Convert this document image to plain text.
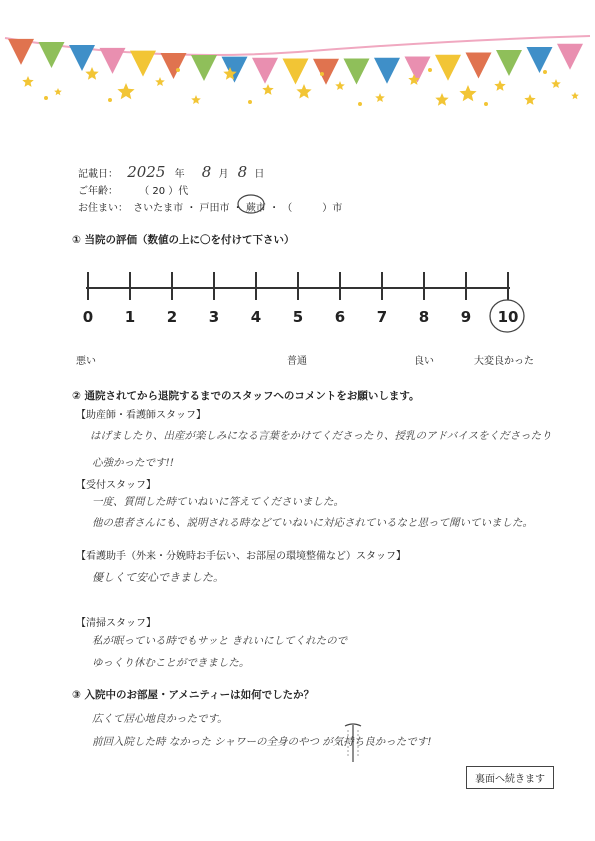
記載日： 2025 年 8 月 8 日
ご年齢： （ 20 ）代
お住まい： さいたま市 ・ 戸田市 ・ 蕨市 ・ （　　　）市
① 当院の評価（数値の上に〇を付けて下さい）
0	1	2	3	4	5	6	7	8	9	10
悪い	普通	良い	大変良かった
② 通院されてから退院するまでのスタッフへのコメントをお願いします。
【助産師・看護師スタッフ】
はげましたり、出産が楽しみになる言葉をかけてくださったり、授乳のアドバイスをくださったり
心強かったです!!
【受付スタッフ】
一度、質問した時ていねいに答えてくださいました。
他の患者さんにも、説明される時などていねいに対応されているなと思って聞いていました。
【看護助手（外来・分娩時お手伝い、お部屋の環境整備など）スタッフ】
優しくて安心できました。
【清掃スタッフ】
私が眠っている時でもサッと きれいにしてくれたので
ゆっくり休むことができました。
③ 入院中のお部屋・アメニティーは如何でしたか？
広くて居心地良かったです。
前回入院した時 なかった シャワーの全身のやつ が気持ち良かったです!
裏面へ続きます
